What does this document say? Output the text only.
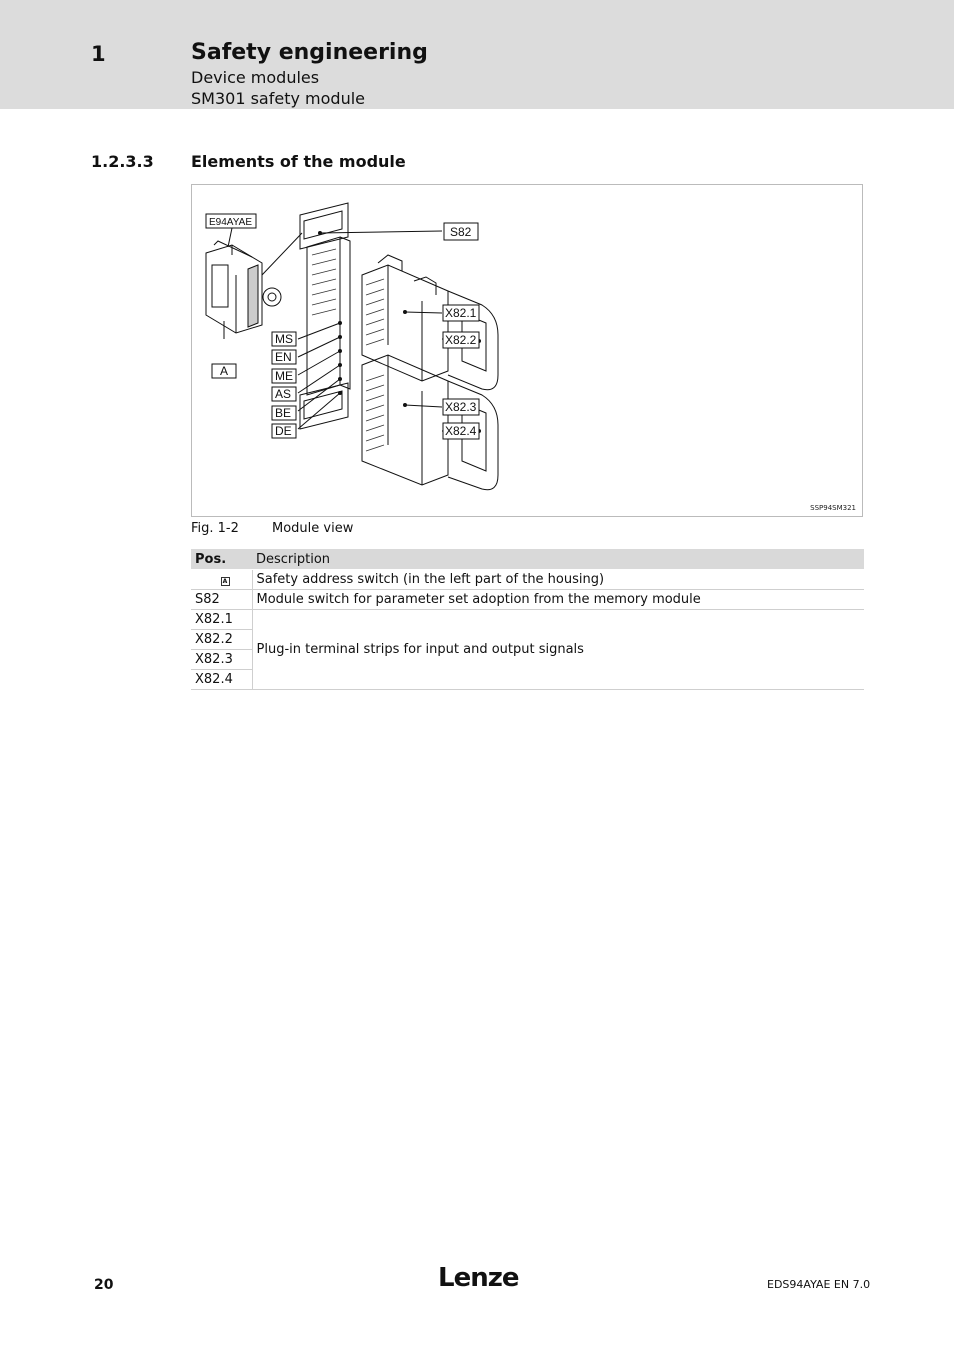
1	Safety engineering
Device modules
SM301 safety module
1.2.3.3 Elements of the module
E94AYAE
S82
A
MS
EN
ME
AS
BE
DE
X82.1
X82.2
X82.3
X82.4
SSP94SM321
Fig. 1-2	Module view
Pos.	Description
A	Safety address switch (in the left part of the housing)
S82	Module switch for parameter set adoption from the memory module
X82.1	Plug-in terminal strips for input and output signals
X82.2	
X82.3	
X82.4	
20	Lenze	EDS94AYAE EN 7.0
